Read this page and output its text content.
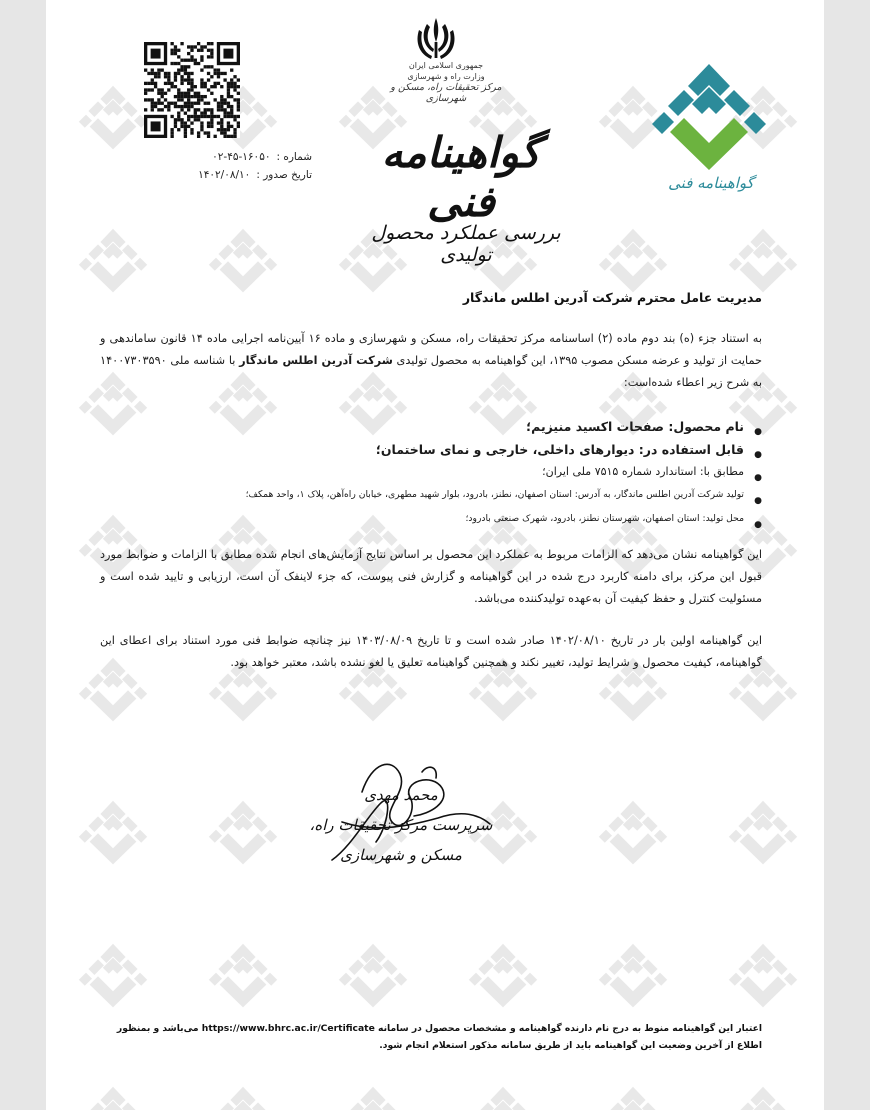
شماره :
۰۲-۴۵-۱۶۰۵۰
تاریخ صدور :
۱۴۰۲/۰۸/۱۰
جمهوری اسلامی ایران
وزارت راه و شهرسازی
مرکز تحقیقات راه، مسکن و شهرسازی
گواهینامه فنی
بررسی عملکرد محصول تولیدی
گواهینامه فنی
مدیریت عامل محترم شرکت آدرین اطلس ماندگار
به استناد جزء (ه) بند دوم ماده (۲) اساسنامه مرکز تحقیقات راه، مسکن و شهرسازی و ماده ۱۶ آیین‌نامه اجرایی ماده ۱۴ قانون ساماندهی و حمایت از تولید و عرضه مسکن مصوب ۱۳۹۵، این گواهینامه به محصول تولیدی شرکت آدرین اطلس ماندگار با شناسه ملی ۱۴۰۰۷۳۰۳۵۹۰ به شرح زیر اعطاء شده‌است:
● نام محصول: صفحات اکسید منیزیم؛
● قابل استفاده در: دیوارهای داخلی، خارجی و نمای ساختمان؛
● مطابق با: استاندارد شماره ۷۵۱۵ ملی ایران؛
● تولید شرکت آدرین اطلس ماندگار، به آدرس: استان اصفهان، نطنز، بادرود، بلوار شهید مطهری، خیابان راه‌آهن، پلاک ۱، واحد همکف؛
● محل تولید: استان اصفهان، شهرستان نطنز، بادرود، شهرک صنعتی بادرود؛
این گواهینامه نشان می‌دهد که الزامات مربوط به عملکرد این محصول بر اساس نتایج آزمایش‌های انجام شده مطابق با الزامات و ضوابط مورد قبول این مرکز، برای دامنه کاربرد درج شده در این گواهینامه و گزارش فنی پیوست، که جزء لاینفک آن است، ارزیابی و تایید شده است و مسئولیت کنترل و حفظ کیفیت آن به‌عهده تولیدکننده می‌باشد.
این گواهینامه اولین بار در تاریخ ۱۴۰۲/۰۸/۱۰ صادر شده است و تا تاریخ ۱۴۰۳/۰۸/۰۹ نیز چنانچه ضوابط فنی مورد استناد برای اعطای این گواهینامه، کیفیت محصول و شرایط تولید، تغییر نکند و همچنین گواهینامه تعلیق یا لغو نشده باشد، معتبر خواهد بود.
محمد مهدی
سرپرست مرکز تحقیقات راه، مسکن و شهرسازی
اعتبار این گواهینامه منوط به درج نام دارنده گواهینامه و مشخصات محصول در سامانه https://www.bhrc.ac.ir/Certificate می‌باشد و بمنظور اطلاع از آخرین وضعیت این گواهینامه باید از طریق سامانه مذکور استعلام انجام شود.
